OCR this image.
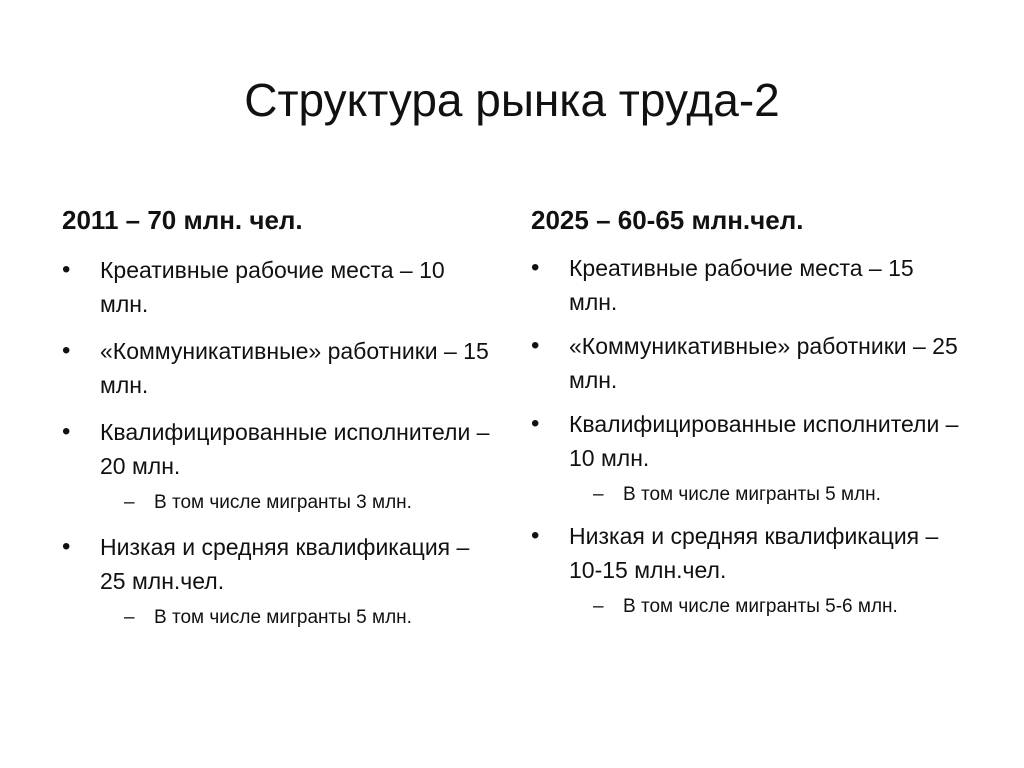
Структура рынка труда-2
2011 – 70 млн. чел.
• Креативные рабочие места – 10 млн.
• «Коммуникативные» работники – 15 млн.
• Квалифицированные исполнители – 20 млн.
– В том числе мигранты 3 млн.
• Низкая и средняя квалификация – 25 млн.чел.
– В том числе мигранты 5 млн.
2025 – 60-65 млн.чел.
• Креативные рабочие места – 15 млн.
• «Коммуникативные» работники – 25 млн.
• Квалифицированные исполнители – 10 млн.
– В том числе мигранты 5 млн.
• Низкая и средняя квалификация – 10-15 млн.чел.
– В том числе мигранты 5-6 млн.
